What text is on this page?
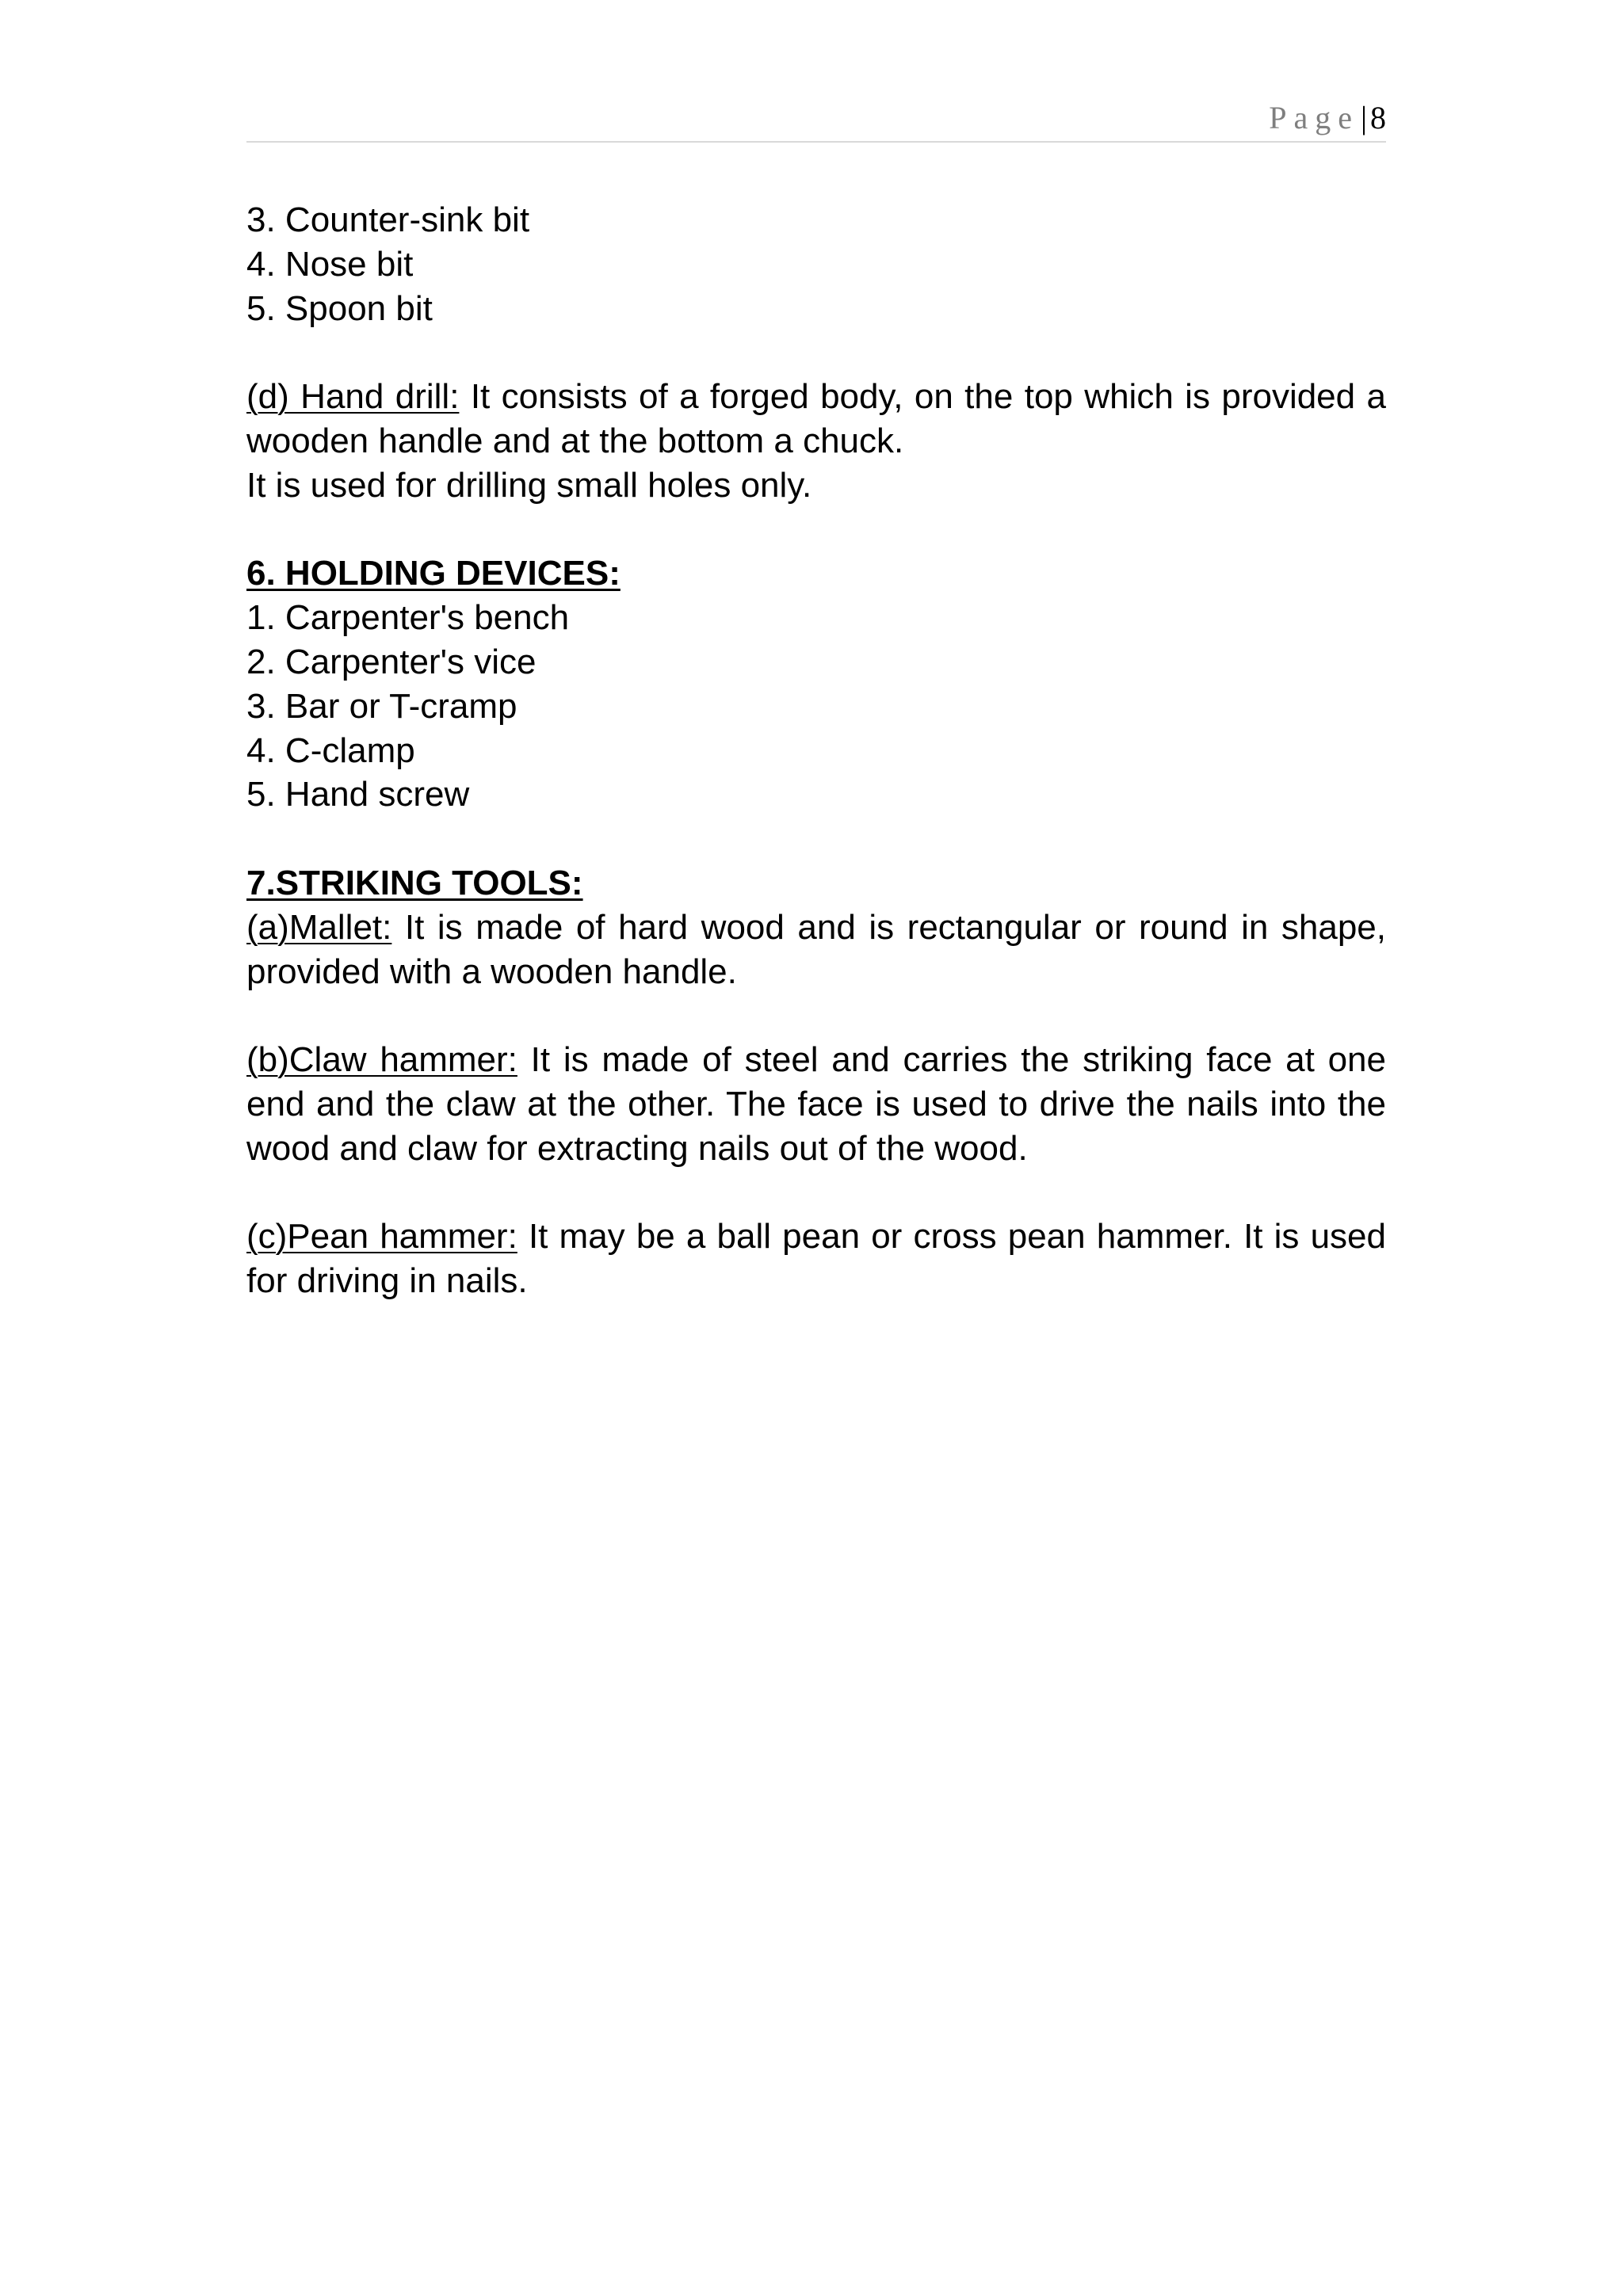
Page| 8

3. Counter-sink bit

4. Nose bit

5. Spoon bit

(d) Hand drill: It consists of a forged body, on the top which is provided a wooden handle and at the bottom a chuck.

It is used for drilling small holes only.

6. HOLDING DEVICES:

1. Carpenter's bench

2. Carpenter's vice

3. Bar or T-cramp

4. C-clamp

5. Hand screw

7.STRIKING TOOLS:

(a)Mallet: It is made of hard wood and is rectangular or round in shape, provided with a wooden handle.

(b)Claw hammer: It is made of steel and carries the striking face at one end and the claw at the other. The face is used to drive the nails into the wood and claw for extracting nails out of the wood.

(c)Pean hammer: It may be a ball pean or cross pean hammer. It is used for driving in nails.
